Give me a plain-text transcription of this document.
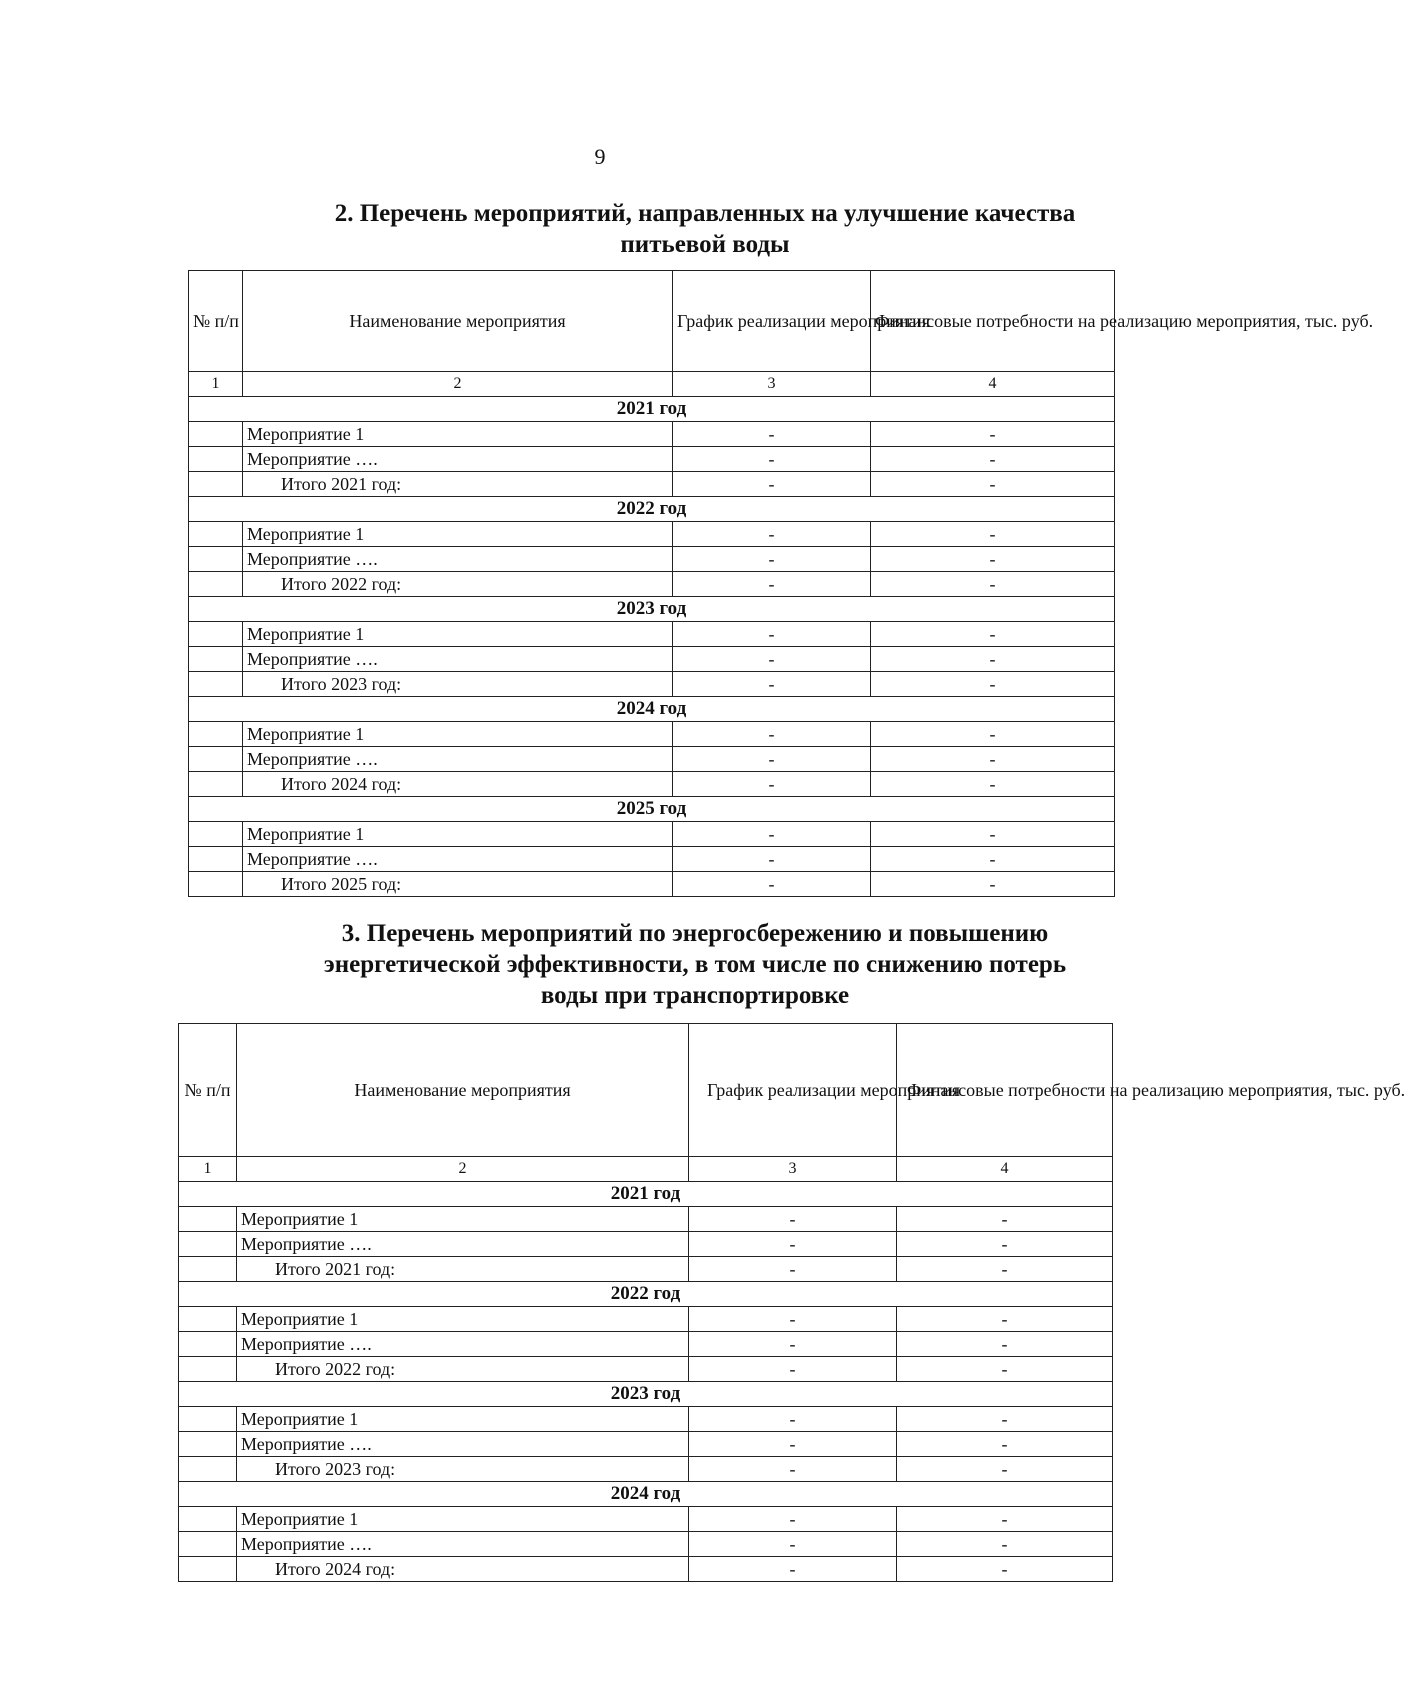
9
2. Перечень мероприятий, направленных на улучшение качества
питьевой воды
№ п/п	Наименование мероприятия	График реализации мероприятия	Финансовые потребности на реализацию мероприятия, тыс. руб.
1	2	3	4
2021 год			
	Мероприятие 1	-	-
	Мероприятие ….	-	-
	Итого 2021 год:	-	-
2022 год			
	Мероприятие 1	-	-
	Мероприятие ….	-	-
	Итого 2022 год:	-	-
2023 год			
	Мероприятие 1	-	-
	Мероприятие ….	-	-
	Итого 2023 год:	-	-
2024 год			
	Мероприятие 1	-	-
	Мероприятие ….	-	-
	Итого 2024 год:	-	-
2025 год			
	Мероприятие 1	-	-
	Мероприятие ….	-	-
	Итого 2025 год:	-	-
3. Перечень мероприятий по энергосбережению и повышению
энергетической эффективности, в том числе по снижению потерь
воды при транспортировке
№ п/п	Наименование мероприятия	График реализации мероприятия	Финансовые потребности на реализацию мероприятия, тыс. руб.
1	2	3	4
2021 год			
	Мероприятие 1	-	-
	Мероприятие ….	-	-
	Итого 2021 год:	-	-
2022 год			
	Мероприятие 1	-	-
	Мероприятие ….	-	-
	Итого 2022 год:	-	-
2023 год			
	Мероприятие 1	-	-
	Мероприятие ….	-	-
	Итого 2023 год:	-	-
2024 год			
	Мероприятие 1	-	-
	Мероприятие ….	-	-
	Итого 2024 год:	-	-
